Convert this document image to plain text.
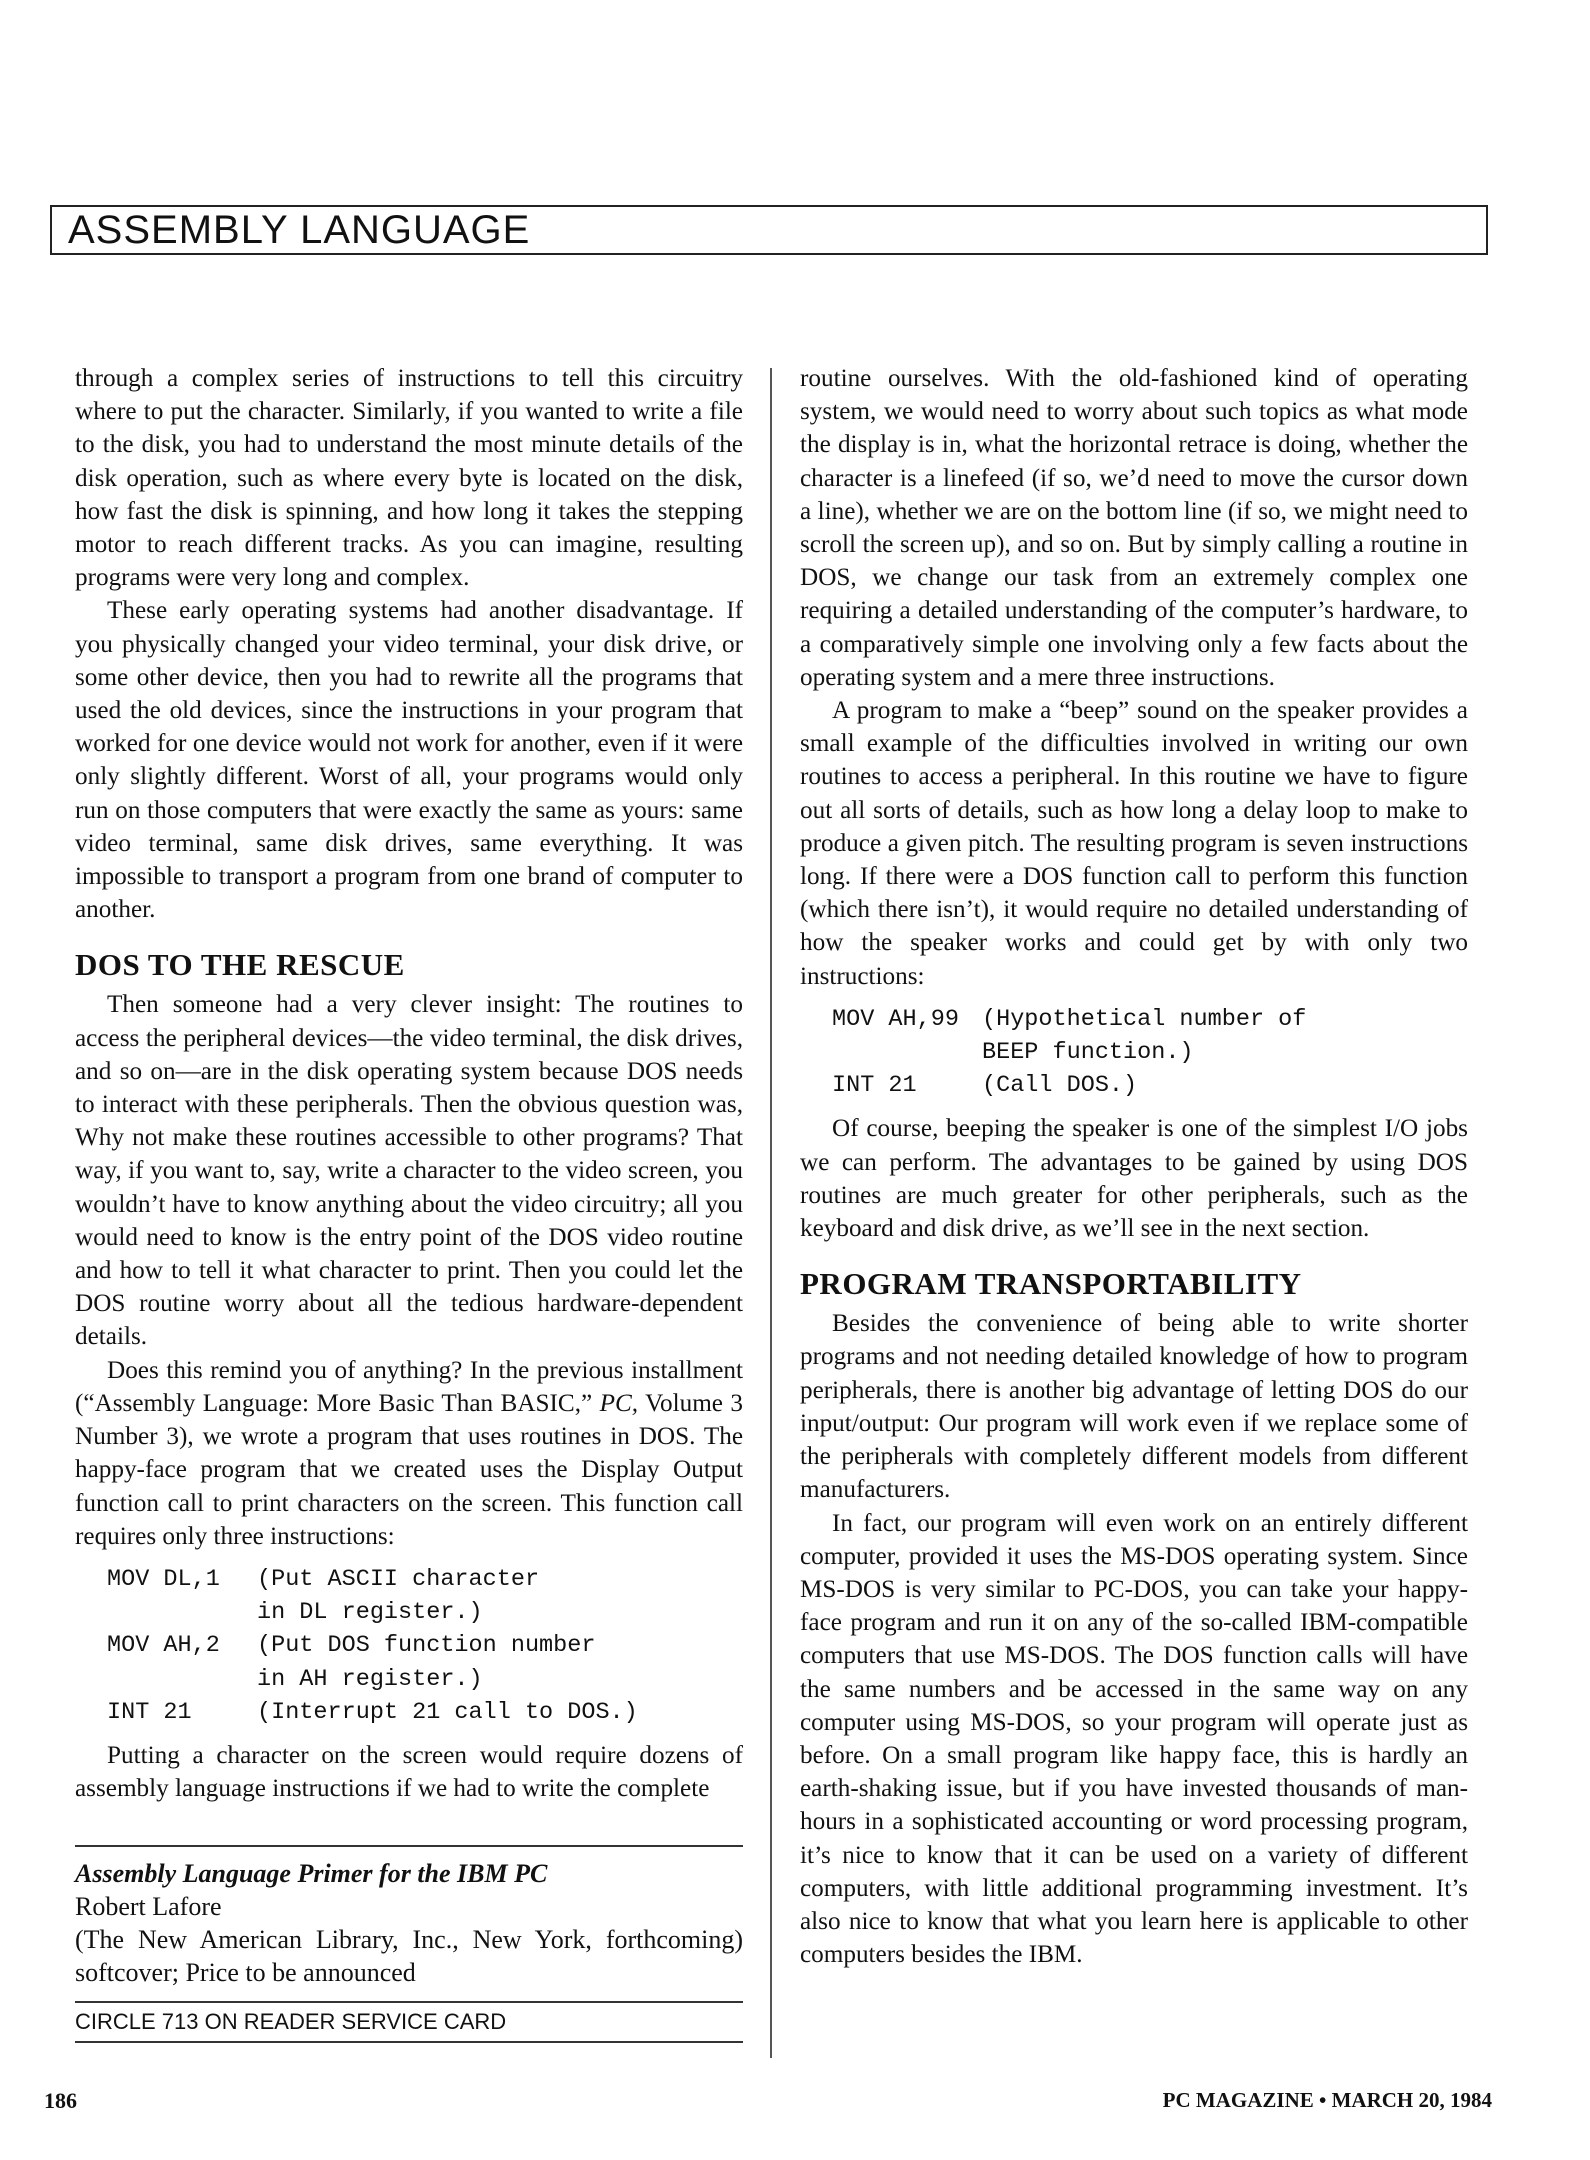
ASSEMBLY LANGUAGE

through a complex series of instructions to tell this circuitry where to put the character. Similarly, if you wanted to write a file to the disk, you had to understand the most minute details of the disk operation, such as where every byte is located on the disk, how fast the disk is spinning, and how long it takes the stepping motor to reach different tracks. As you can imagine, resulting programs were very long and complex.

These early operating systems had another disadvantage. If you physically changed your video terminal, your disk drive, or some other device, then you had to rewrite all the programs that used the old devices, since the instructions in your program that worked for one device would not work for another, even if it were only slightly different. Worst of all, your programs would only run on those computers that were exactly the same as yours: same video terminal, same disk drives, same everything. It was impossible to transport a program from one brand of computer to another.

DOS TO THE RESCUE

Then someone had a very clever insight: The routines to access the peripheral devices—the video terminal, the disk drives, and so on—are in the disk operating system because DOS needs to interact with these peripherals. Then the obvious question was, Why not make these routines accessible to other programs? That way, if you want to, say, write a character to the video screen, you wouldn’t have to know anything about the video circuitry; all you would need to know is the entry point of the DOS video routine and how to tell it what character to print. Then you could let the DOS routine worry about all the tedious hardware-dependent details.

Does this remind you of anything? In the previous installment (“Assembly Language: More Basic Than BASIC,” PC, Volume 3 Number 3), we wrote a program that uses routines in DOS. The happy-face program that we created uses the Display Output function call to print characters on the screen. This function call requires only three instructions:

MOV DL,1	(Put ASCII character
in DL register.)
MOV AH,2	(Put DOS function number
in AH register.)
INT 21	(Interrupt 21 call to DOS.)

Putting a character on the screen would require dozens of assembly language instructions if we had to write the complete

Assembly Language Primer for the IBM PC
Robert Lafore
(The New American Library, Inc., New York, forthcoming) softcover; Price to be announced
CIRCLE 713 ON READER SERVICE CARD

routine ourselves. With the old-fashioned kind of operating system, we would need to worry about such topics as what mode the display is in, what the horizontal retrace is doing, whether the character is a linefeed (if so, we’d need to move the cursor down a line), whether we are on the bottom line (if so, we might need to scroll the screen up), and so on. But by simply calling a routine in DOS, we change our task from an extremely complex one requiring a detailed understanding of the computer’s hardware, to a comparatively simple one involving only a few facts about the operating system and a mere three instructions.

A program to make a “beep” sound on the speaker provides a small example of the difficulties involved in writing our own routines to access a peripheral. In this routine we have to figure out all sorts of details, such as how long a delay loop to make to produce a given pitch. The resulting program is seven instructions long. If there were a DOS function call to perform this function (which there isn’t), it would require no detailed understanding of how the speaker works and could get by with only two instructions:

MOV AH,99 (Hypothetical number of
BEEP function.)
INT 21	(Call DOS.)

Of course, beeping the speaker is one of the simplest I/O jobs we can perform. The advantages to be gained by using DOS routines are much greater for other peripherals, such as the keyboard and disk drive, as we’ll see in the next section.

PROGRAM TRANSPORTABILITY

Besides the convenience of being able to write shorter programs and not needing detailed knowledge of how to program peripherals, there is another big advantage of letting DOS do our input/output: Our program will work even if we replace some of the peripherals with completely different models from different manufacturers.

In fact, our program will even work on an entirely different computer, provided it uses the MS-DOS operating system. Since MS-DOS is very similar to PC-DOS, you can take your happy-face program and run it on any of the so-called IBM-compatible computers that use MS-DOS. The DOS function calls will have the same numbers and be accessed in the same way on any computer using MS-DOS, so your program will operate just as before. On a small program like happy face, this is hardly an earth-shaking issue, but if you have invested thousands of man-hours in a sophisticated accounting or word processing program, it’s nice to know that it can be used on a variety of different computers, with little additional programming investment. It’s also nice to know that what you learn here is applicable to other computers besides the IBM.

186	PC MAGAZINE • MARCH 20, 1984
